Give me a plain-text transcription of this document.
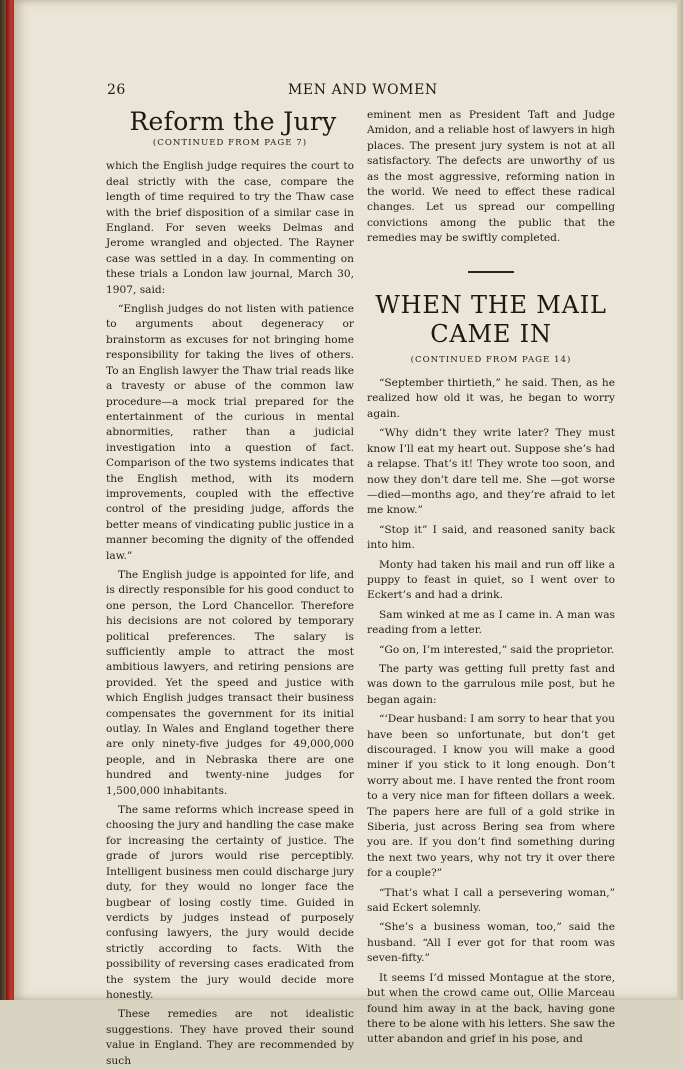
26	MEN AND WOMEN
Reform the Jury
(CONTINUED FROM PAGE 7)

which the English judge requires the court to deal strictly with the case, compare the length of time required to try the Thaw case with the brief disposition of a similar case in England. For seven weeks Delmas and Jerome wrangled and objected. The Rayner case was settled in a day. In commenting on these trials a London law journal, March 30, 1907, said:

“English judges do not listen with patience to arguments about degeneracy or brainstorm as excuses for not bringing home responsibility for taking the lives of others. To an English lawyer the Thaw trial reads like a travesty or abuse of the common law procedure—a mock trial prepared for the entertainment of the curious in mental abnormities, rather than a judicial investigation into a question of fact. Comparison of the two systems indicates that the English method, with its modern improvements, coupled with the effective control of the presiding judge, affords the better means of vindicating public justice in a manner becoming the dignity of the offended law.”

The English judge is appointed for life, and is directly responsible for his good conduct to one person, the Lord Chancellor. Therefore his decisions are not colored by temporary political preferences. The salary is sufficiently ample to attract the most ambitious lawyers, and retiring pensions are provided. Yet the speed and justice with which English judges transact their business compensates the government for its initial outlay. In Wales and England together there are only ninety-five judges for 49,000,000 people, and in Nebraska there are one hundred and twenty-nine judges for 1,500,000 inhabitants.

The same reforms which increase speed in choosing the jury and handling the case make for increasing the certainty of justice. The grade of jurors would rise perceptibly. Intelligent business men could discharge jury duty, for they would no longer face the bugbear of losing costly time. Guided in verdicts by judges instead of purposely confusing lawyers, the jury would decide strictly according to facts. With the possibility of reversing cases eradicated from the system the jury would decide more honestly.

These remedies are not idealistic suggestions. They have proved their sound value in England. They are recommended by such

eminent men as President Taft and Judge Amidon, and a reliable host of lawyers in high places. The present jury system is not at all satisfactory. The defects are unworthy of us as the most aggressive, reforming nation in the world. We need to effect these radical changes. Let us spread our compelling convictions among the public that the remedies may be swiftly completed.

WHEN THE MAIL
CAME IN
(CONTINUED FROM PAGE 14)

“September thirtieth,” he said. Then, as he realized how old it was, he began to worry again.

“Why didn’t they write later? They must know I’ll eat my heart out. Suppose she’s had a relapse. That’s it! They wrote too soon, and now they don’t dare tell me. She —got worse—died—months ago, and they’re afraid to let me know.”

“Stop it” I said, and reasoned sanity back into him.

Monty had taken his mail and run off like a puppy to feast in quiet, so I went over to Eckert’s and had a drink.

Sam winked at me as I came in. A man was reading from a letter.

“Go on, I’m interested,” said the proprietor.

The party was getting full pretty fast and was down to the garrulous mile post, but he began again:

“‘Dear husband: I am sorry to hear that you have been so unfortunate, but don’t get discouraged. I know you will make a good miner if you stick to it long enough. Don’t worry about me. I have rented the front room to a very nice man for fifteen dollars a week. The papers here are full of a gold strike in Siberia, just across Bering sea from where you are. If you don’t find something during the next two years, why not try it over there for a couple?”

“That’s what I call a persevering woman,” said Eckert solemnly.

“She’s a business woman, too,” said the husband. “All I ever got for that room was seven-fifty.”

It seems I’d missed Montague at the store, but when the crowd came out, Ollie Marceau found him away in at the back, having gone there to be alone with his letters. She saw the utter abandon and grief in his pose, and
